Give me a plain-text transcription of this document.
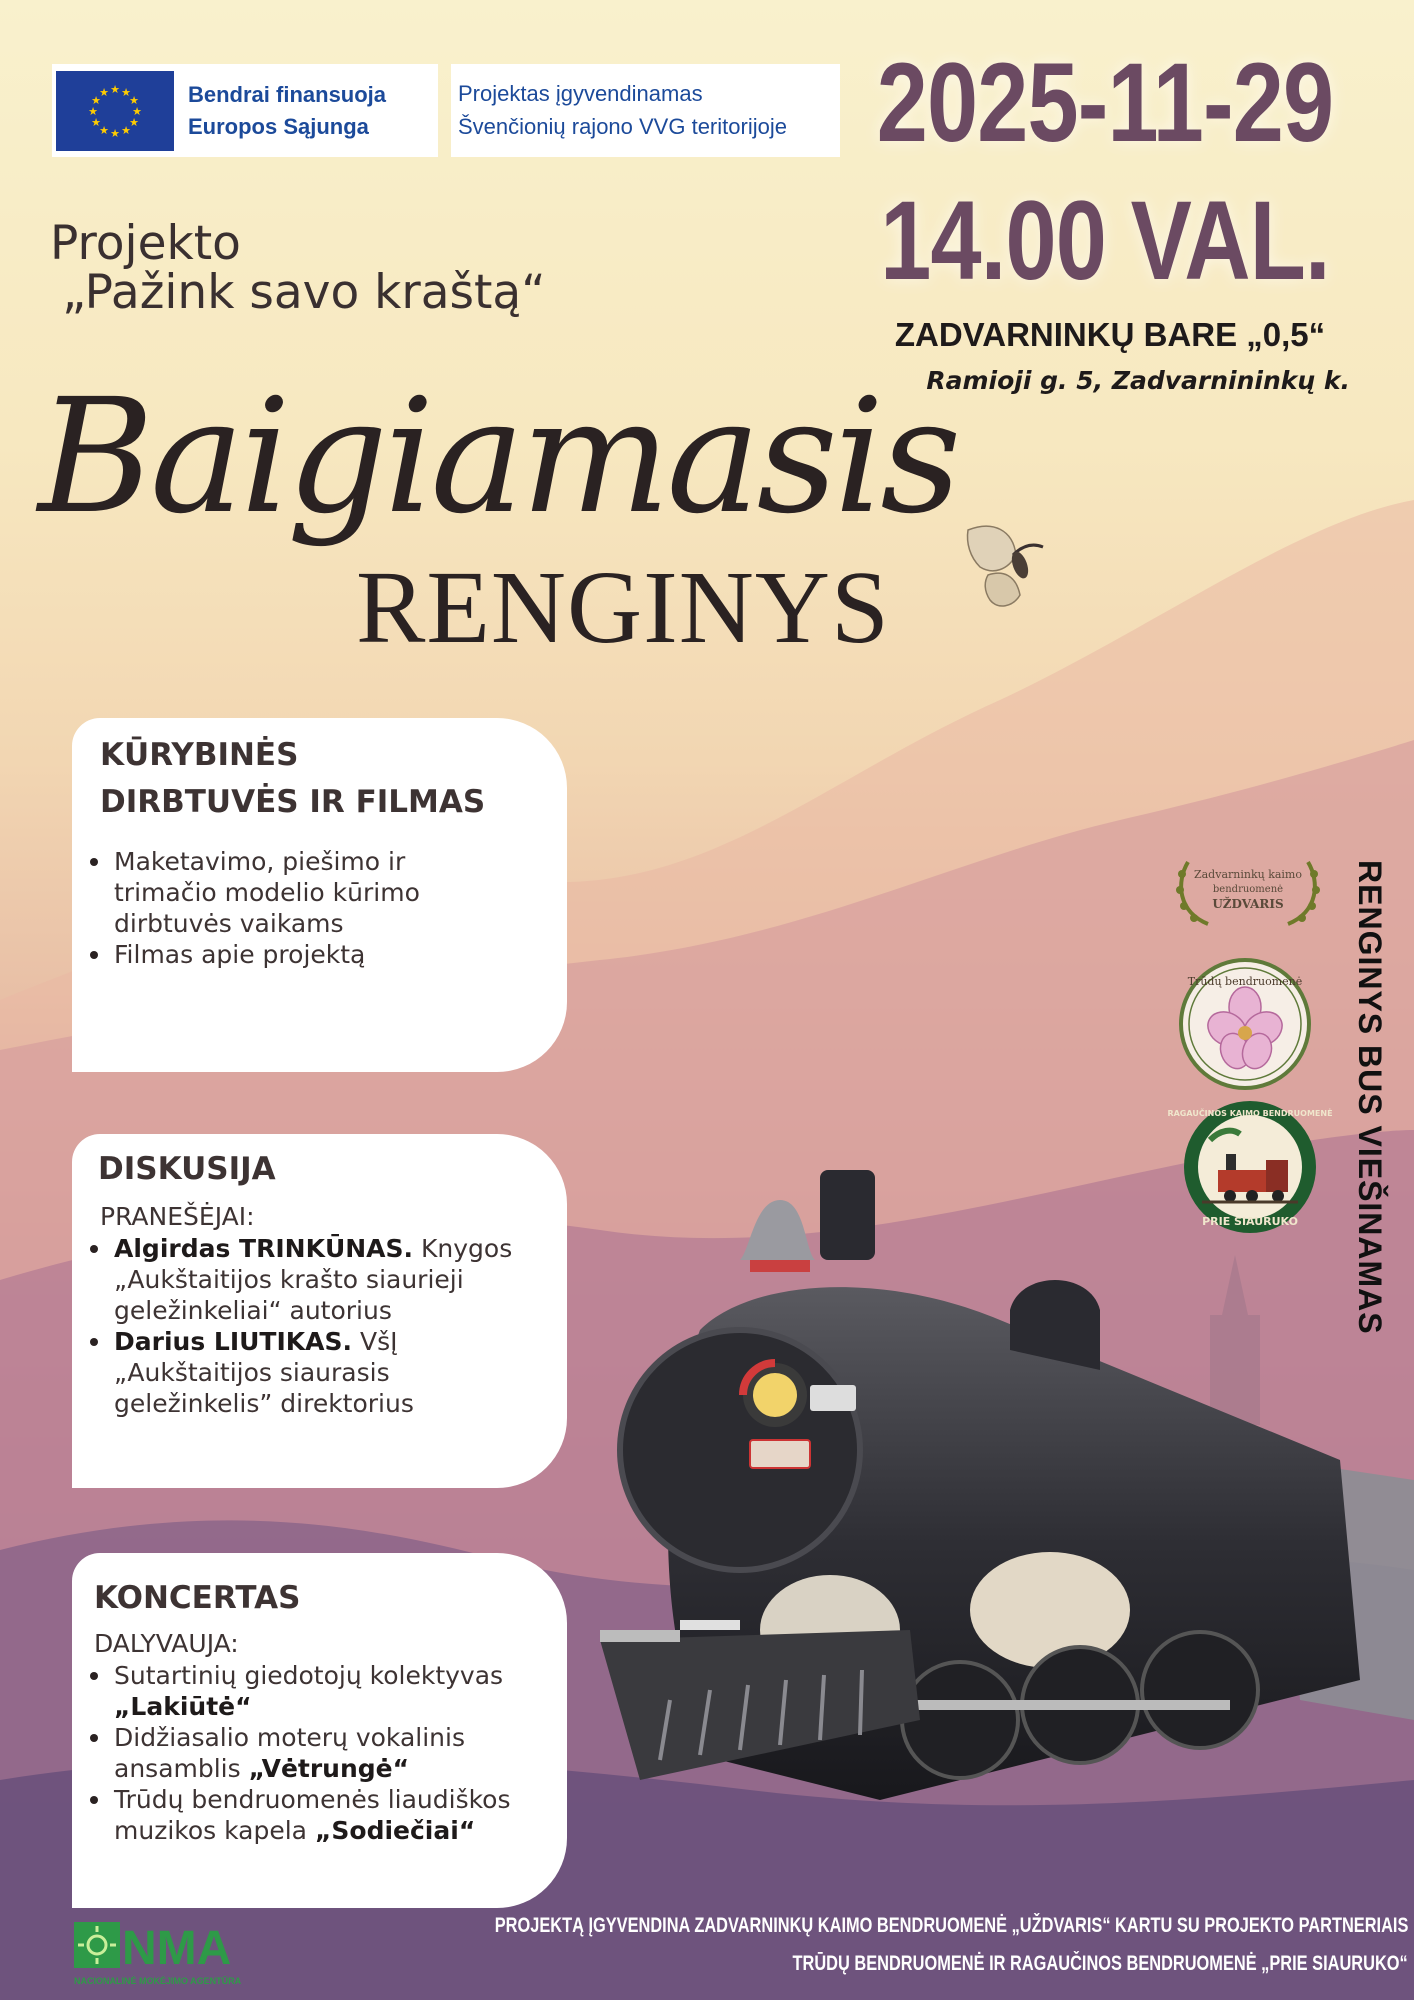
★ ★
★
★
★
★
★
★
★
★
★
★	Bendrai finansuoja
Europos Sąjunga
Projektas įgyvendinamas
Švenčionių rajono VVG teritorijoje 2025-11-29
14.00 VAL.
ZADVARNINKŲ BARE „0,5“
Ramioji g. 5, Zadvarnininkų k.
Projekto
„Pažink savo kraštą“
Baigiamasis
RENGINYS
KŪRYBINĖS
DIRBTUVĖS IR FILMAS
Maketavimo, piešimo ir trimačio modelio kūrimo dirbtuvės vaikams
Filmas apie projektą
DISKUSIJA
PRANEŠĖJAI:
Algirdas TRINKŪNAS. Knygos „Aukštaitijos krašto siaurieji geležinkeliai“ autorius
Darius LIUTIKAS. VšĮ „Aukštaitijos siaurasis geležinkelis” direktorius
KONCERTAS
DALYVAUJA:
Sutartinių giedotojų kolektyvas „Lakiūtė“
Didžiasalio moterų vokalinis ansamblis „Vėtrungė“
Trūdų bendruomenės liaudiškos muzikos kapela „Sodiečiai“
Zadvarninkų kaimo
bendruomenė
UŽDVARIS
Trūdų bendruomenė
RAGAUČINOS KAIMO BENDRUOMENĖ
PRIE SIAURUKO RENGINYS BUS VIEŠINAMAS
NMA
NACIONALINĖ MOKĖJIMO AGENTŪRA
PROJEKTĄ ĮGYVENDINA ZADVARNINKŲ KAIMO BENDRUOMENĖ „UŽDVARIS“ KARTU SU PROJEKTO PARTNERIAIS
TRŪDŲ BENDRUOMENĖ IR RAGAUČINOS BENDRUOMENĖ „PRIE SIAURUKO“
